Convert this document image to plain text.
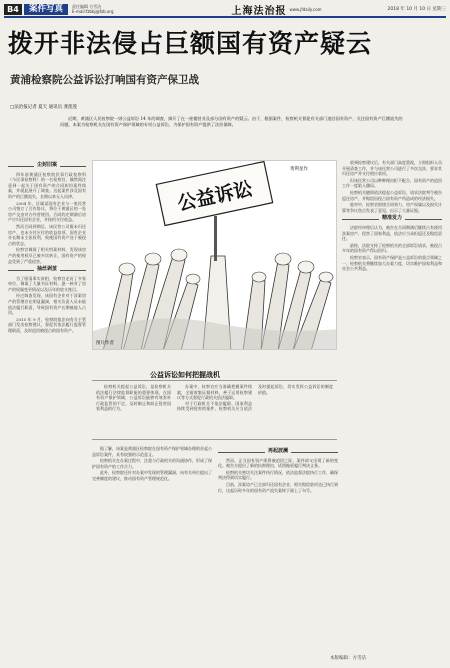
B4	案件写真	责任编辑 方雪洁
E-mail:fzbbj@fzb.org	上海法治报 www.jfdaily.com	2018 年 10 月 10 日 星期三
拨开非法侵占巨额国有资产疑云
黄浦检察院公益诉讼打响国有资产保卫战
□法治报记者 夏天 通讯员 龚莲莲
近期，黄浦区人民检察院一则公益诉讼 14 年的调查，揭开了在一座楼营业及部分国有资产的疑云。由于，根据案件，检察机关督促有关部门追回国有资产，关注国有资产巨额流失的问题。本案为检察机关在国有资产保护领域的专项公益诉讼，为保护国有资产提供了法治保障。
尘封旧案

四年前黄浦区检察院民事行政检察科（今民事检察科）的一名检察官，偶然间注意到一起关于国有资产的合同纠纷案件线索，并就此展开了调查。这起案件涉及国有资产的巨额流失，长期以来无人问津。

2004 年，区属某国有企业与一家民营公司签订了合作协议，将位于黄浦区的一处房产交由对方经营使用。合同约定期满后房产应归还国有企业，并按约支付收益。

然而合同到期后，该民营公司既未归还房产，也未支付应付的收益款项，国有企业亦长期未主张权利，致使国有资产处于被侵占的状态。

检察官调阅了相关档案材料，发现该房产的使用权早已被多次转让，国有资产的权益受到了严重侵害。

抽丝剥茧

为了厘清事实真相，检察官走访了多家单位，调取了大量书证材料，逐一核对了房产的权属变更情况以及历年的收支账目。

经过调查发现，该国有企业对于涉案房产的管理存在明显漏洞，相关负责人员未能依法履行职责，导致国有资产长期被他人占用。

2015 年 9 月，检察院依法向有关主管部门发出检察建议，督促其依法履行监督管理职责，及时追回被侵占的国有资产。

公益诉讼
黄利星作
图片作者
公益诉讼如何把握战机

检察机关提起公益诉讼，是检察机关依法履行法律监督职能的重要体现。在国有资产保护领域，公益诉讼能够有效弥补行政监管的不足，及时制止和纠正侵害国家利益的行为。

办案中，检察官应当准确把握案件线索，全面收集证据材料，善于运用检察建议等方式督促行政机关依法履职。

对于行政机关不依法履职、国家利益持续受到侵害的案件，检察机关应当依法及时提起诉讼，切实发挥公益诉讼的制度价值。

收到检察建议后，有关部门高度重视，立即组织人员开展清查工作，并与该民营公司进行了多次交涉，要求其归还房产并支付相应款项。

但该民营公司以种种理由拒不配合，国有资产的追回工作一度陷入僵局。

检察机关随即依法提起公益诉讼，请求法院判令被告返还房产，并赔偿因侵占国有资产所造成的经济损失。

庭审中，检察官围绕合同效力、房产权属以及损失计算等争议焦点发表了意见，出示了大量证据。

精准发力

法院经审理后认为，被告在合同期满后继续占有使用涉案房产，侵害了国家利益，依法应当承担返还及赔偿责任。

最终，法院支持了检察机关的全部诉讼请求，被侵占多年的国有资产得以回归。

检察官表示，国有资产保护是公益诉讼的重点领域之一，检察机关将继续加大办案力度，切实维护国家利益和社会公共利益。

据了解，该案是黄浦区检察院在国有资产保护领域办理的首起公益诉讼案件，具有较强的示范意义。

检察机关在办案过程中，注重与行政机关的沟通协作，形成了保护国有资产的工作合力。

此外，检察院还针对办案中发现的管理漏洞，向有关单位提出了完善制度的建议，推动国有资产管理规范化。

再起波澜

然而，正当国有资产即将被追回之际，案件却又出现了新的变化。被告方提出了新的抗辩理由，试图拖延履行判决义务。

检察机关密切关注案件执行情况，依法监督法院执行工作，确保判决得到切实履行。

目前，涉案房产已全部归还国有企业，相关赔偿款项也已执行到位，这起历时多年的国有资产流失案终于画上了句号。

本版编辑：方雪洁
